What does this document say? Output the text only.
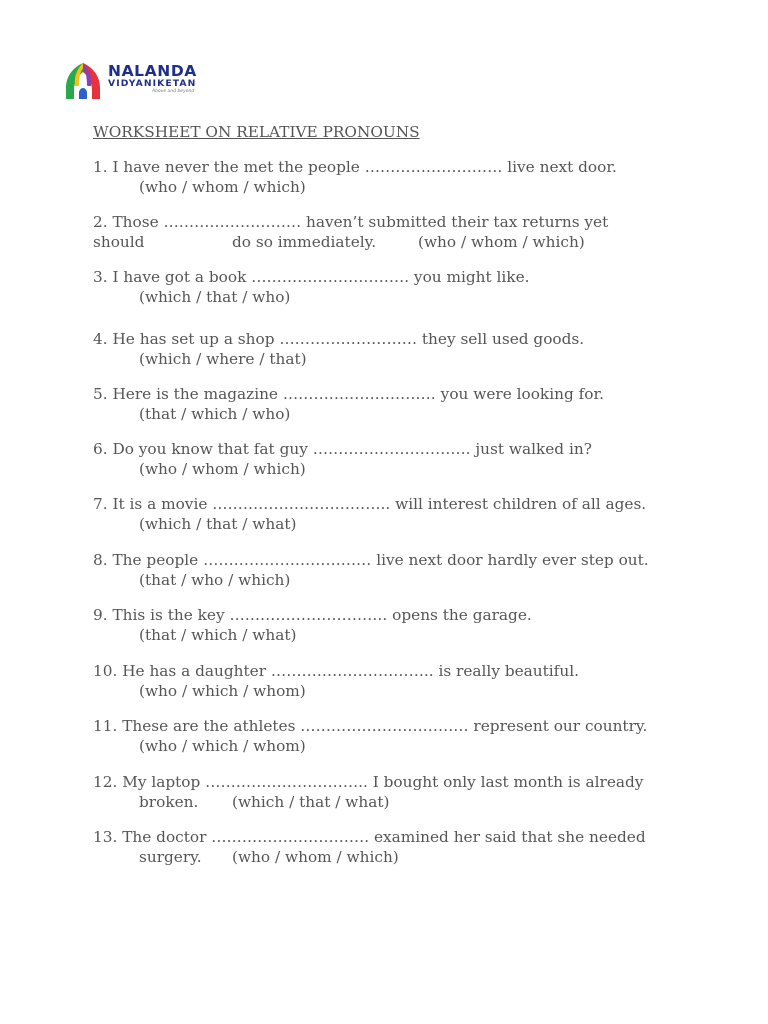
NALANDA
VIDYANIKETAN
Above and beyond
WORKSHEET ON RELATIVE PRONOUNS
1. I have never the met the people ……………………… live next door.
(who / whom / which)
2. Those ……………………… haven’t submitted their tax returns yet
should	do so immediately.	(who / whom / which)
3. I have got a book …………………………. you might like.
(which / that / who)
4. He has set up a shop ……………………… they sell used goods.
(which / where / that)
5. Here is the magazine ………………………… you were looking for.
(that / which / who)
6. Do you know that fat guy …………………………. just walked in?
(who / whom / which)
7. It is a movie …………………………….. will interest children of all ages.
(which / that / what)
8. The people …………………………… live next door hardly ever step out.
(that / who / which)
9. This is the key …………………………. opens the garage.
(that / which / what)
10. He has a daughter ………………………….. is really beautiful.
(who / which / whom)
11. These are the athletes …………………………… represent our country.
(who / which / whom)
12. My laptop ………………………….. I bought only last month is already
broken. (which / that / what)
13. The doctor …………………………. examined her said that she needed
surgery. (who / whom / which)
